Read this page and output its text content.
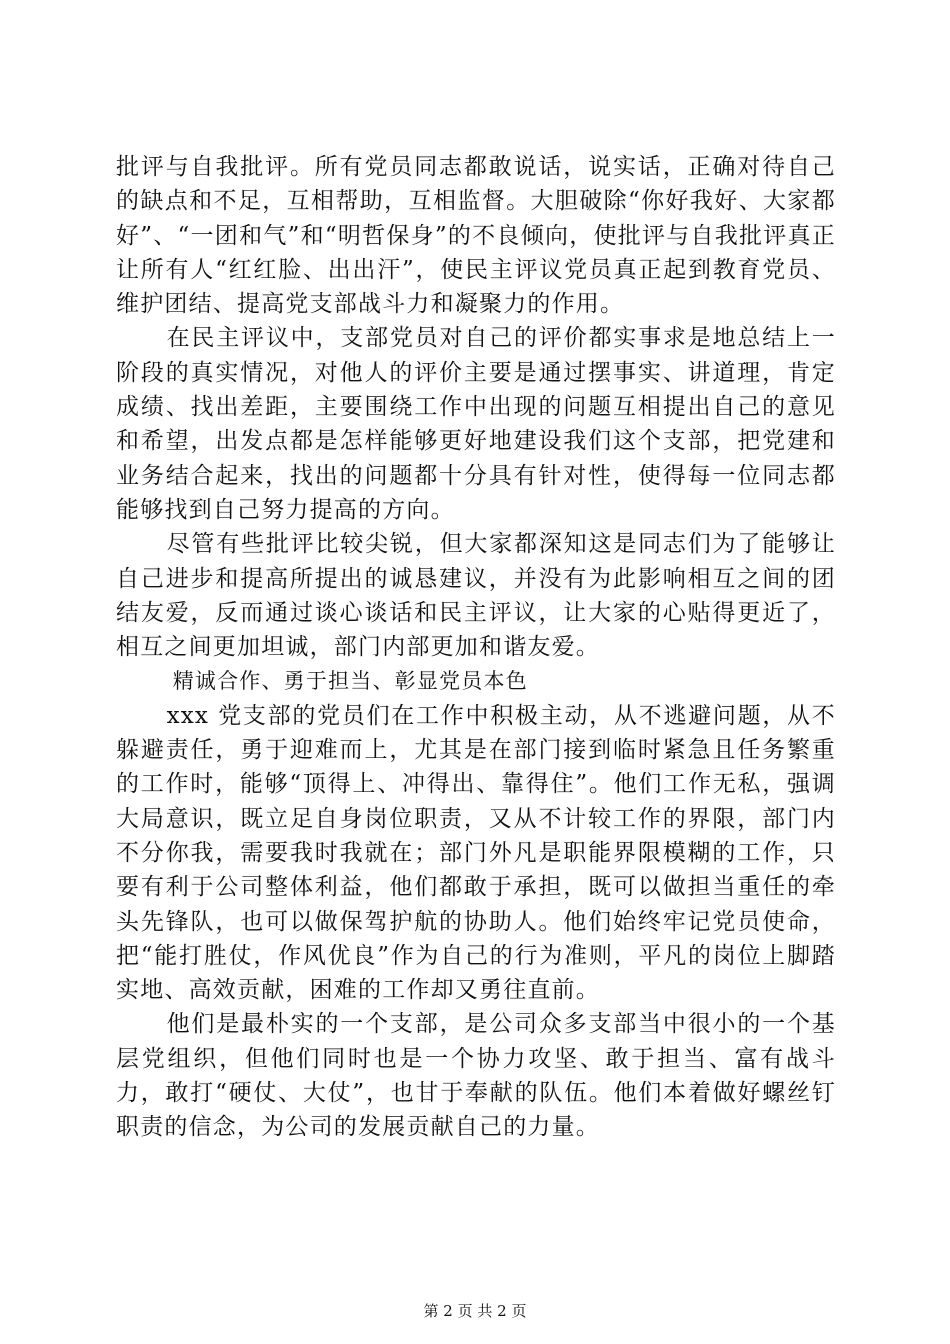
批评与自我批评。所有党员同志都敢说话，说实话，正确对待自己的缺点和不足，互相帮助，互相监督。大胆破除“你好我好、大家都好”、“一团和气”和“明哲保身”的不良倾向，使批评与自我批评真正让所有人“红红脸、出出汗”，使民主评议党员真正起到教育党员、维护团结、提高党支部战斗力和凝聚力的作用。

在民主评议中，支部党员对自己的评价都实事求是地总结上一阶段的真实情况，对他人的评价主要是通过摆事实、讲道理，肯定成绩、找出差距，主要围绕工作中出现的问题互相提出自己的意见和希望，出发点都是怎样能够更好地建设我们这个支部，把党建和业务结合起来，找出的问题都十分具有针对性，使得每一位同志都能够找到自己努力提高的方向。

尽管有些批评比较尖锐，但大家都深知这是同志们为了能够让自己进步和提高所提出的诚恳建议，并没有为此影响相互之间的团结友爱，反而通过谈心谈话和民主评议，让大家的心贴得更近了，相互之间更加坦诚，部门内部更加和谐友爱。

精诚合作、勇于担当、彰显党员本色

xxx 党支部的党员们在工作中积极主动，从不逃避问题，从不躲避责任，勇于迎难而上，尤其是在部门接到临时紧急且任务繁重的工作时，能够“顶得上、冲得出、靠得住”。他们工作无私，强调大局意识，既立足自身岗位职责，又从不计较工作的界限，部门内不分你我，需要我时我就在；部门外凡是职能界限模糊的工作，只要有利于公司整体利益，他们都敢于承担，既可以做担当重任的牵头先锋队，也可以做保驾护航的协助人。他们始终牢记党员使命，把“能打胜仗，作风优良”作为自己的行为准则，平凡的岗位上脚踏实地、高效贡献，困难的工作却又勇往直前。

他们是最朴实的一个支部，是公司众多支部当中很小的一个基层党组织，但他们同时也是一个协力攻坚、敢于担当、富有战斗力，敢打“硬仗、大仗”，也甘于奉献的队伍。他们本着做好螺丝钉职责的信念，为公司的发展贡献自己的力量。

第 2 页 共 2 页
